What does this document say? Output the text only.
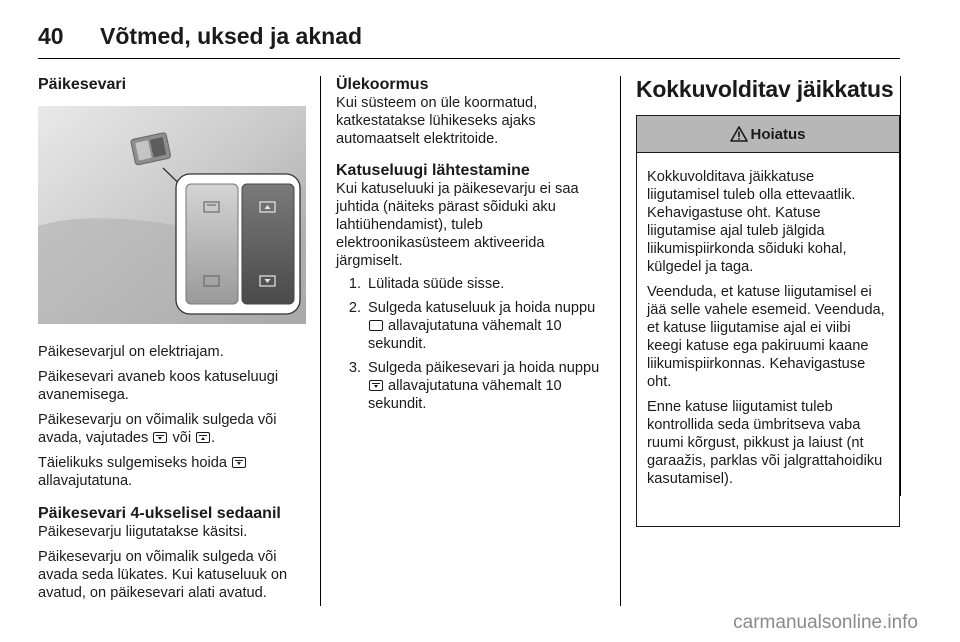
40	Võtmed, uksed ja aknad
Päikesevari

Päikesevarjul on elektriajam.

Päikesevari avaneb koos katuseluugi avanemisega.

Päikesevarju on võimalik sulgeda või avada, vajutades  või .

Täielikuks sulgemiseks hoida  allavajutatuna.

Päikesevari 4-ukselisel sedaanil

Päikesevarju liigutatakse käsitsi.

Päikesevarju on võimalik sulgeda või avada seda lükates. Kui katuseluuk on avatud, on päikesevari alati avatud.

Ülekoormus

Kui süsteem on üle koormatud, katkestatakse lühikeseks ajaks automaatselt elektritoide.

Katuseluugi lähtestamine

Kui katuseluuki ja päikesevarju ei saa juhtida (näiteks pärast sõiduki aku lahtiühendamist), tuleb elektroonikasüsteem aktiveerida järgmiselt.

1. Lülitada süüde sisse.
2. Sulgeda katuseluuk ja hoida nuppu  allavajutatuna vähemalt 10 sekundit.
3. Sulgeda päikesevari ja hoida nuppu  allavajutatuna vähemalt 10 sekundit.
Kokkuvolditav jäikkatus
Hoiatus

Kokkuvolditava jäikkatuse liigutamisel tuleb olla ettevaatlik. Kehavigastuse oht. Katuse liigutamise ajal tuleb jälgida liikumispiirkonda sõiduki kohal, külgedel ja taga.

Veenduda, et katuse liigutamisel ei jää selle vahele esemeid. Veenduda, et katuse liigutamise ajal ei viibi keegi katuse ega pakiruumi kaane liikumispiirkonnas. Kehavigastuse oht.

Enne katuse liigutamist tuleb kontrollida seda ümbritseva vaba ruumi kõrgust, pikkust ja laiust (nt garaažis, parklas või jalgrattahoidiku kasutamisel).

carmanualsonline.info
